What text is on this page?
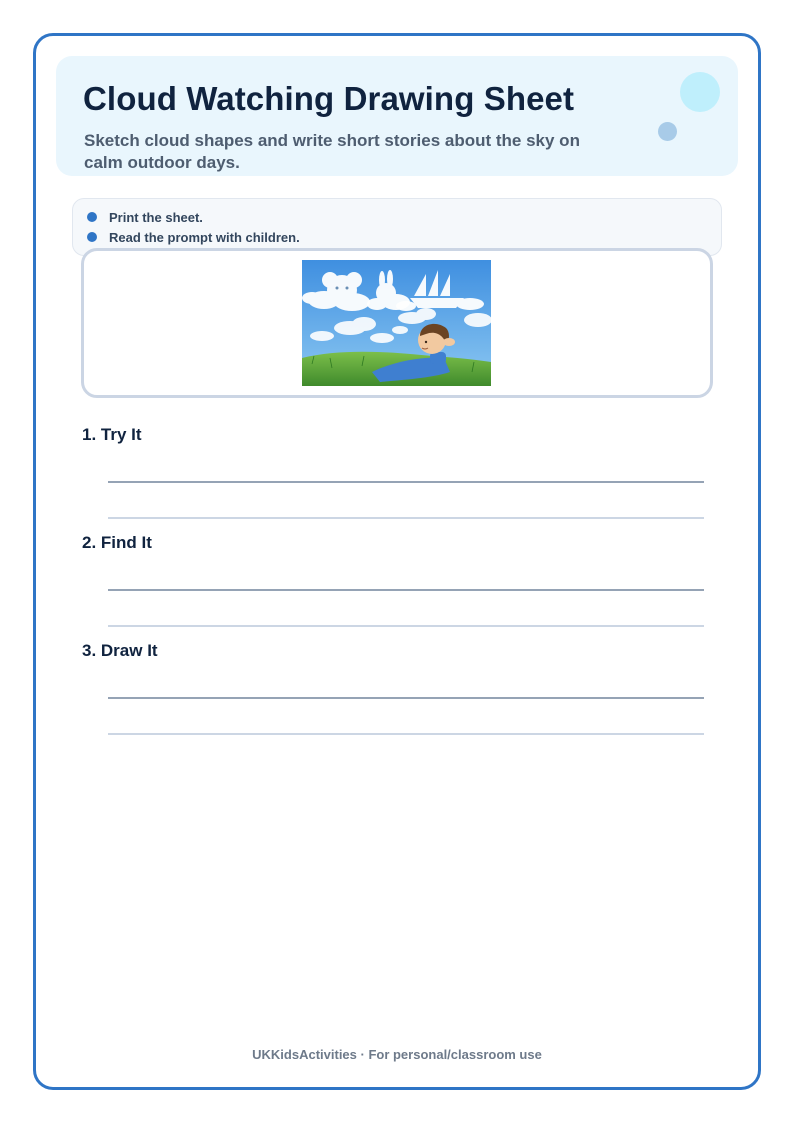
Cloud Watching Drawing Sheet
Sketch cloud shapes and write short stories about the sky on calm outdoor days.
Print the sheet.
Read the prompt with children.
1. Try It
2. Find It
3. Draw It
UKKidsActivities · For personal/classroom use
